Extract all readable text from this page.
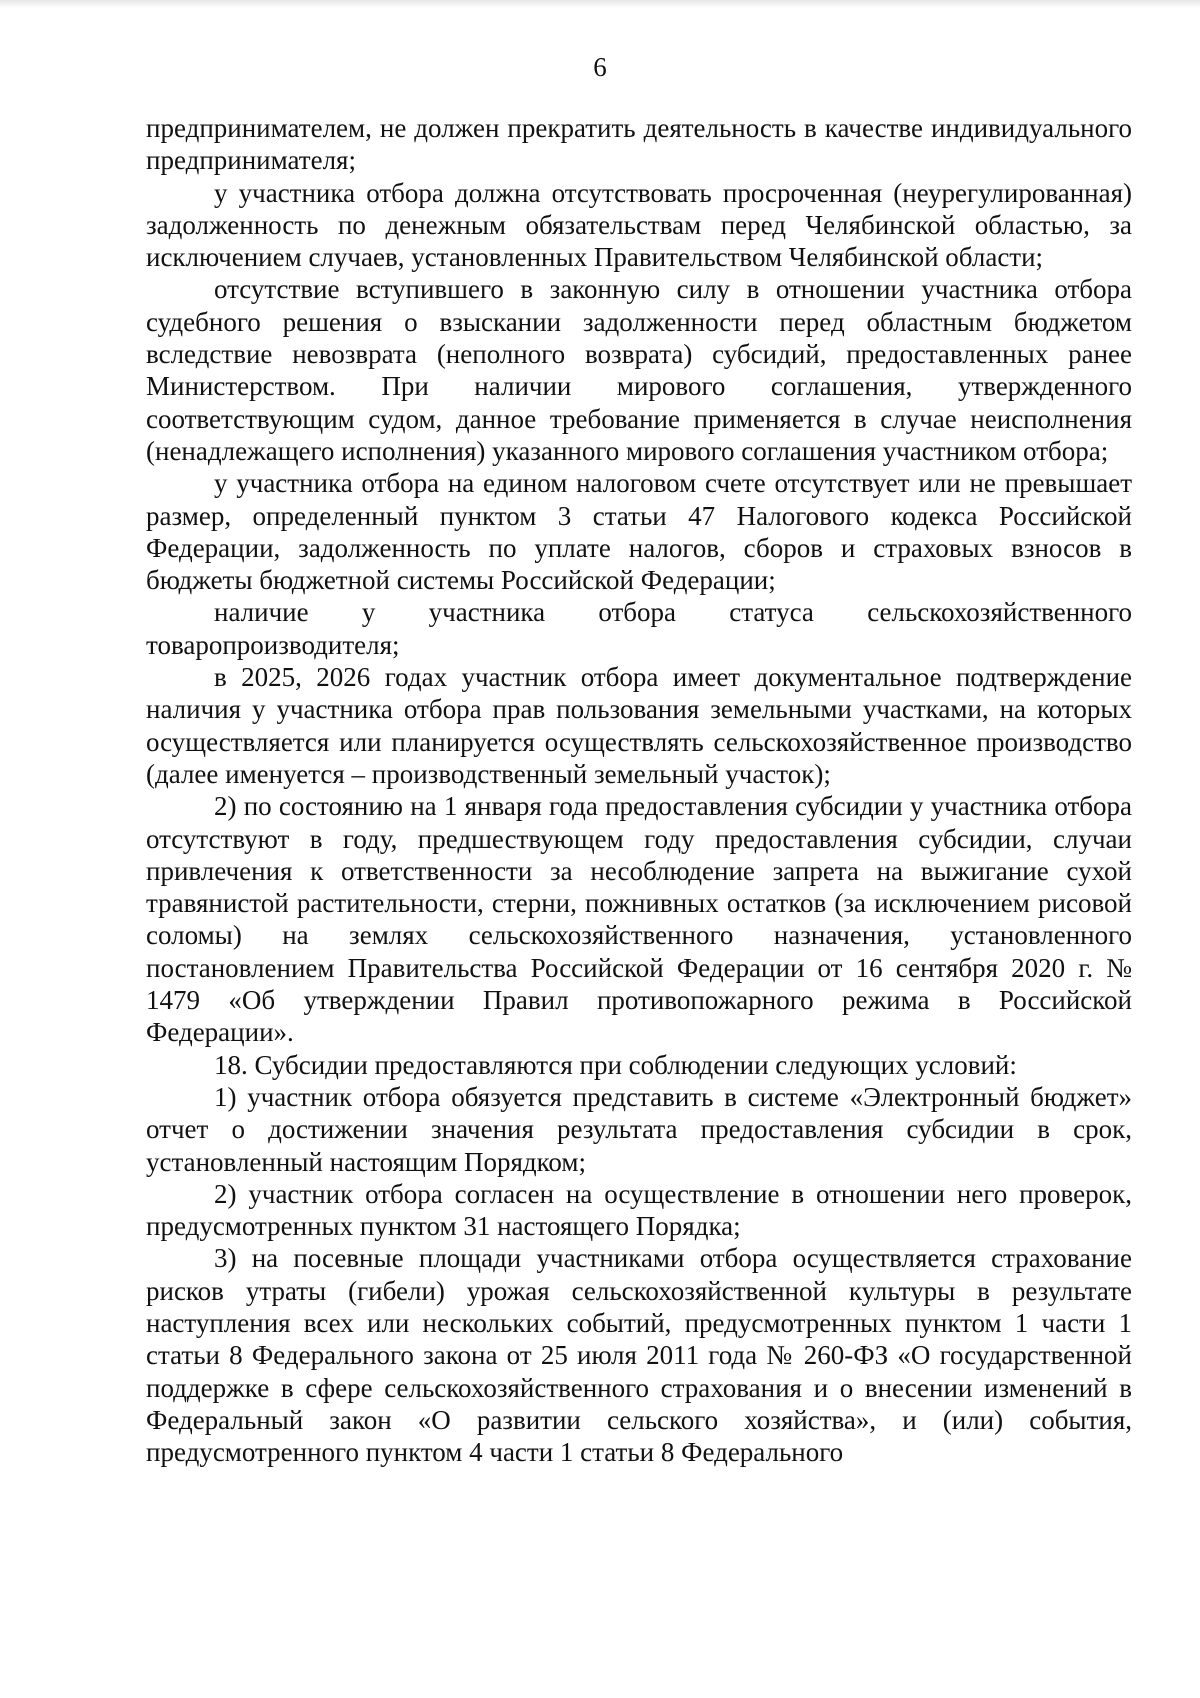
6

предпринимателем, не должен прекратить деятельность в качестве индивидуального предпринимателя;

у участника отбора должна отсутствовать просроченная (неурегулированная) задолженность по денежным обязательствам перед Челябинской областью, за исключением случаев, установленных Правительством Челябинской области;

отсутствие вступившего в законную силу в отношении участника отбора судебного решения о взыскании задолженности перед областным бюджетом вследствие невозврата (неполного возврата) субсидий, предоставленных ранее Министерством. При наличии мирового соглашения, утвержденного соответствующим судом, данное требование применяется в случае неисполнения (ненадлежащего исполнения) указанного мирового соглашения участником отбора;

у участника отбора на едином налоговом счете отсутствует или не превышает размер, определенный пунктом 3 статьи 47 Налогового кодекса Российской Федерации, задолженность по уплате налогов, сборов и страховых взносов в бюджеты бюджетной системы Российской Федерации;

наличие у участника отбора статуса сельскохозяйственного товаропроизводителя;

в 2025, 2026 годах участник отбора имеет документальное подтверждение наличия у участника отбора прав пользования земельными участками, на которых осуществляется или планируется осуществлять сельскохозяйственное производство (далее именуется – производственный земельный участок);

2) по состоянию на 1 января года предоставления субсидии у участника отбора отсутствуют в году, предшествующем году предоставления субсидии, случаи привлечения к ответственности за несоблюдение запрета на выжигание сухой травянистой растительности, стерни, пожнивных остатков (за исключением рисовой соломы) на землях сельскохозяйственного назначения, установленного постановлением Правительства Российской Федерации от 16 сентября 2020 г. № 1479 «Об утверждении Правил противопожарного режима в Российской Федерации».

18. Субсидии предоставляются при соблюдении следующих условий:

1) участник отбора обязуется представить в системе «Электронный бюджет» отчет о достижении значения результата предоставления субсидии в срок, установленный настоящим Порядком;

2) участник отбора согласен на осуществление в отношении него проверок, предусмотренных пунктом 31 настоящего Порядка;

3) на посевные площади участниками отбора осуществляется страхование рисков утраты (гибели) урожая сельскохозяйственной культуры в результате наступления всех или нескольких событий, предусмотренных пунктом 1 части 1 статьи 8 Федерального закона от 25 июля 2011 года № 260-ФЗ «О государственной поддержке в сфере сельскохозяйственного страхования и о внесении изменений в Федеральный закон «О развитии сельского хозяйства», и (или) события, предусмотренного пунктом 4 части 1 статьи 8 Федерального
